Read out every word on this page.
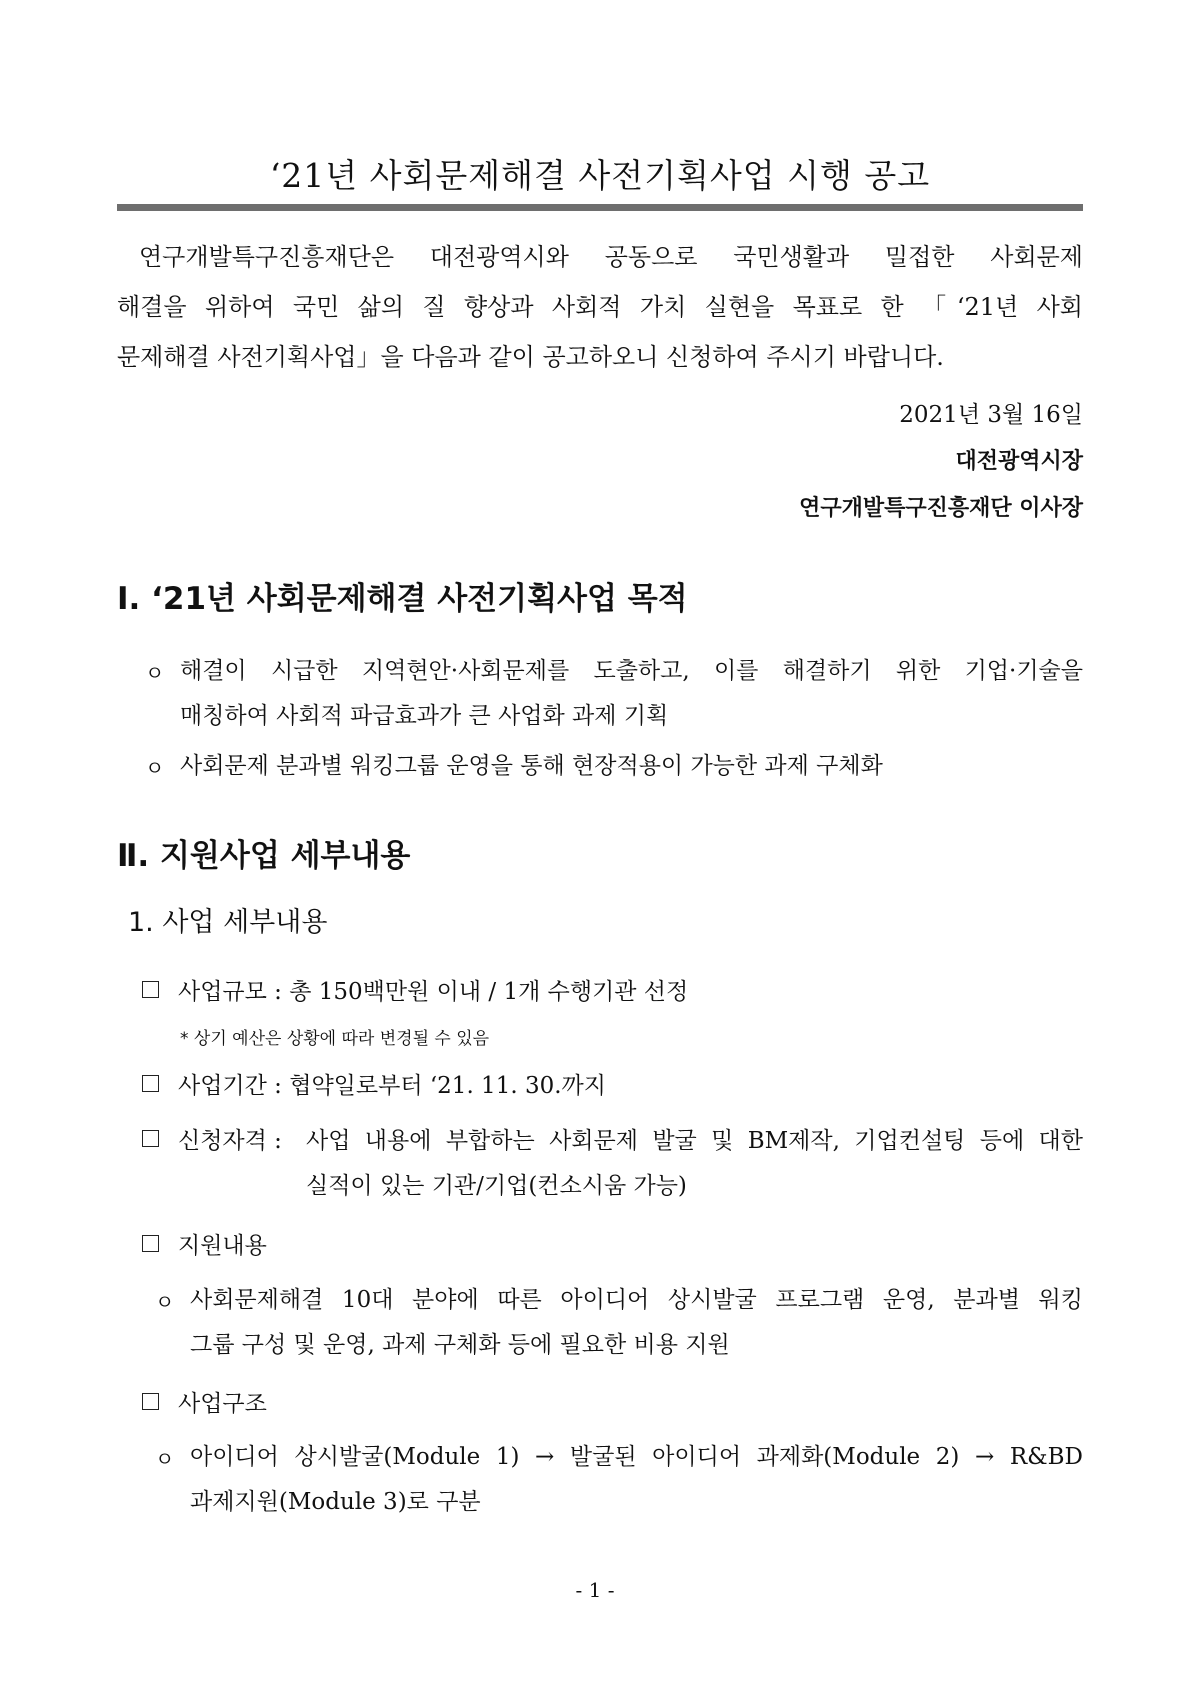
‘21년 사회문제해결 사전기획사업 시행 공고
연구개발특구진흥재단은 대전광역시와 공동으로 국민생활과 밀접한 사회문제
해결을 위하여 국민 삶의 질 향상과 사회적 가치 실현을 목표로 한 「‘21년 사회
문제해결 사전기획사업」을 다음과 같이 공고하오니 신청하여 주시기 바랍니다.
2021년 3월 16일
대전광역시장
연구개발특구진흥재단 이사장
Ⅰ. ‘21년 사회문제해결 사전기획사업 목적
ㅇ 해결이 시급한 지역현안·사회문제를 도출하고, 이를 해결하기 위한 기업·기술을
매칭하여 사회적 파급효과가 큰 사업화 과제 기획
ㅇ 사회문제 분과별 워킹그룹 운영을 통해 현장적용이 가능한 과제 구체화
Ⅱ. 지원사업 세부내용
1. 사업 세부내용
사업규모 : 총 150백만원 이내 / 1개 수행기관 선정
* 상기 예산은 상황에 따라 변경될 수 있음
사업기간 : 협약일로부터 ‘21. 11. 30.까지
신청자격 : 사업 내용에 부합하는 사회문제 발굴 및 BM제작, 기업컨설팅 등에 대한
실적이 있는 기관/기업(컨소시움 가능)
지원내용
ㅇ 사회문제해결 10대 분야에 따른 아이디어 상시발굴 프로그램 운영, 분과별 워킹
그룹 구성 및 운영, 과제 구체화 등에 필요한 비용 지원
사업구조
ㅇ 아이디어 상시발굴(Module 1) → 발굴된 아이디어 과제화(Module 2) → R&BD
과제지원(Module 3)로 구분
- 1 -
